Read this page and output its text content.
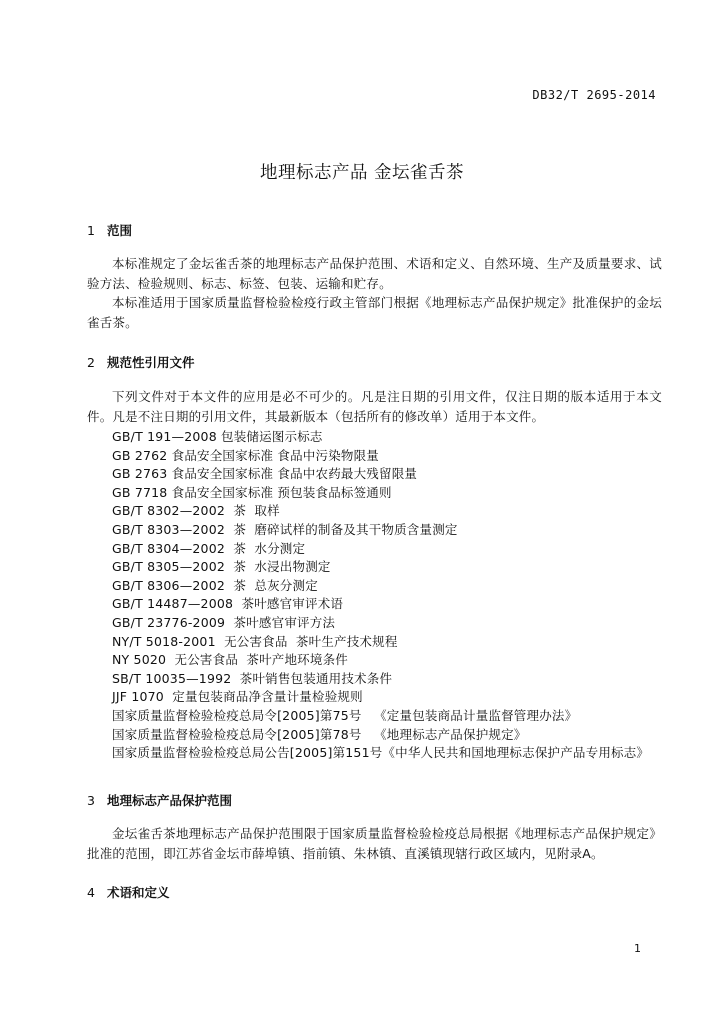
DB32/T 2695-2014
地理标志产品 金坛雀舌茶
1 范围

本标准规定了金坛雀舌茶的地理标志产品保护范围、术语和定义、自然环境、生产及质量要求、试验方法、检验规则、标志、标签、包装、运输和贮存。

本标准适用于国家质量监督检验检疫行政主管部门根据《地理标志产品保护规定》批准保护的金坛雀舌茶。

2 规范性引用文件

下列文件对于本文件的应用是必不可少的。凡是注日期的引用文件，仅注日期的版本适用于本文件。凡是不注日期的引用文件，其最新版本（包括所有的修改单）适用于本文件。

GB/T 191—2008 包装储运图示标志
GB 2762 食品安全国家标准 食品中污染物限量
GB 2763 食品安全国家标准 食品中农药最大残留限量
GB 7718 食品安全国家标准 预包装食品标签通则
GB/T 8302—2002  茶  取样
GB/T 8303—2002  茶  磨碎试样的制备及其干物质含量测定
GB/T 8304—2002  茶  水分测定
GB/T 8305—2002  茶  水浸出物测定
GB/T 8306—2002  茶  总灰分测定
GB/T 14487—2008  茶叶感官审评术语
GB/T 23776-2009  茶叶感官审评方法
NY/T 5018-2001  无公害食品  茶叶生产技术规程
NY 5020  无公害食品  茶叶产地环境条件
SB/T 10035—1992  茶叶销售包装通用技术条件
JJF 1070  定量包装商品净含量计量检验规则
国家质量监督检验检疫总局令[2005]第75号   《定量包装商品计量监督管理办法》
国家质量监督检验检疫总局令[2005]第78号   《地理标志产品保护规定》
国家质量监督检验检疫总局公告[2005]第151号《中华人民共和国地理标志保护产品专用标志》
3 地理标志产品保护范围

金坛雀舌茶地理标志产品保护范围限于国家质量监督检验检疫总局根据《地理标志产品保护规定》批准的范围，即江苏省金坛市薛埠镇、指前镇、朱林镇、直溪镇现辖行政区域内，见附录A。

4 术语和定义
1
